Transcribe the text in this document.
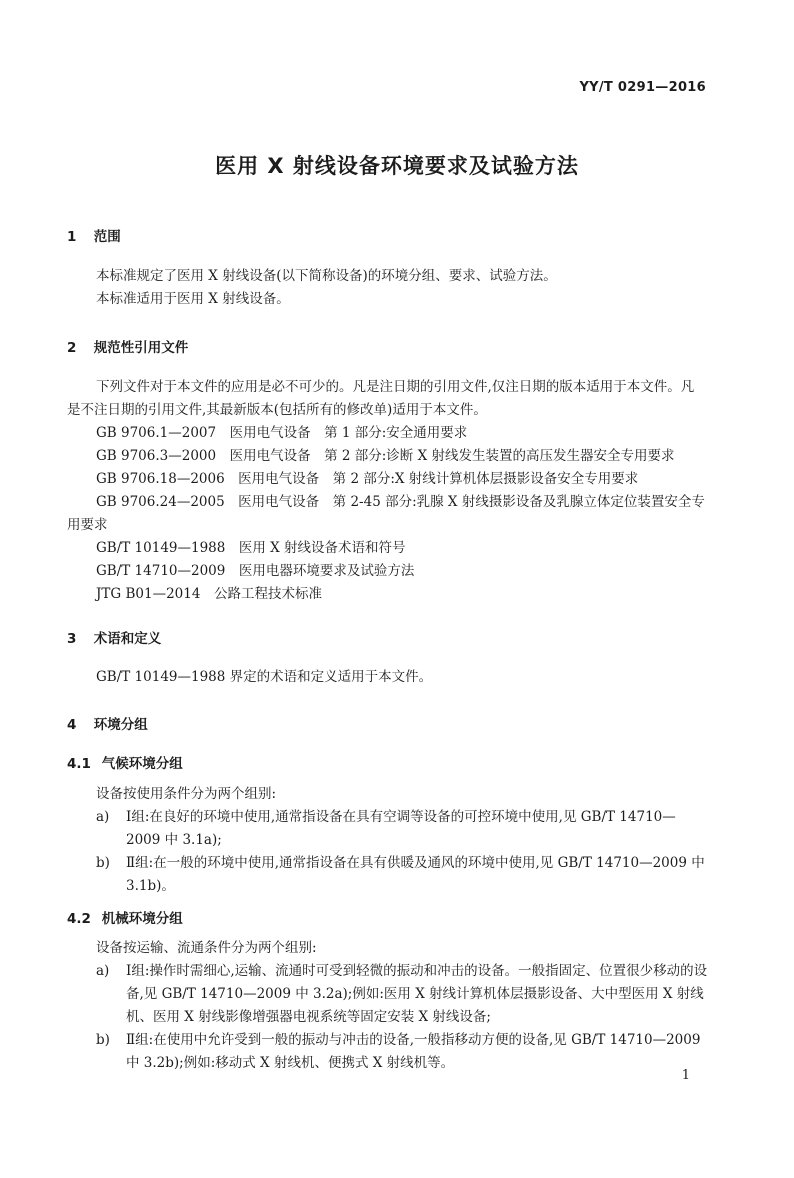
YY/T 0291—2016
医用 X 射线设备环境要求及试验方法
1 范围
本标准规定了医用 X 射线设备(以下简称设备)的环境分组、要求、试验方法。
本标准适用于医用 X 射线设备。
2 规范性引用文件
下列文件对于本文件的应用是必不可少的。凡是注日期的引用文件,仅注日期的版本适用于本文件。凡是不注日期的引用文件,其最新版本(包括所有的修改单)适用于本文件。
GB 9706.1—2007　医用电气设备　第 1 部分:安全通用要求
GB 9706.3—2000　医用电气设备　第 2 部分:诊断 X 射线发生装置的高压发生器安全专用要求
GB 9706.18—2006　医用电气设备　第 2 部分:X 射线计算机体层摄影设备安全专用要求
GB 9706.24—2005　医用电气设备　第 2-45 部分:乳腺 X 射线摄影设备及乳腺立体定位装置安全专用要求
GB/T 10149—1988　医用 X 射线设备术语和符号
GB/T 14710—2009　医用电器环境要求及试验方法
JTG B01—2014　公路工程技术标准
3 术语和定义
GB/T 10149—1988 界定的术语和定义适用于本文件。
4 环境分组
4.1 气候环境分组
设备按使用条件分为两个组别:
a)	Ⅰ组:在良好的环境中使用,通常指设备在具有空调等设备的可控环境中使用,见 GB/T 14710—2009 中 3.1a);
b)	Ⅱ组:在一般的环境中使用,通常指设备在具有供暖及通风的环境中使用,见 GB/T 14710—2009 中 3.1b)。
4.2 机械环境分组
设备按运输、流通条件分为两个组别:
a)	Ⅰ组:操作时需细心,运输、流通时可受到轻微的振动和冲击的设备。一般指固定、位置很少移动的设备,见 GB/T 14710—2009 中 3.2a);例如:医用 X 射线计算机体层摄影设备、大中型医用 X 射线机、医用 X 射线影像增强器电视系统等固定安装 X 射线设备;
b)	Ⅱ组:在使用中允许受到一般的振动与冲击的设备,一般指移动方便的设备,见 GB/T 14710—2009 中 3.2b);例如:移动式 X 射线机、便携式 X 射线机等。
1
